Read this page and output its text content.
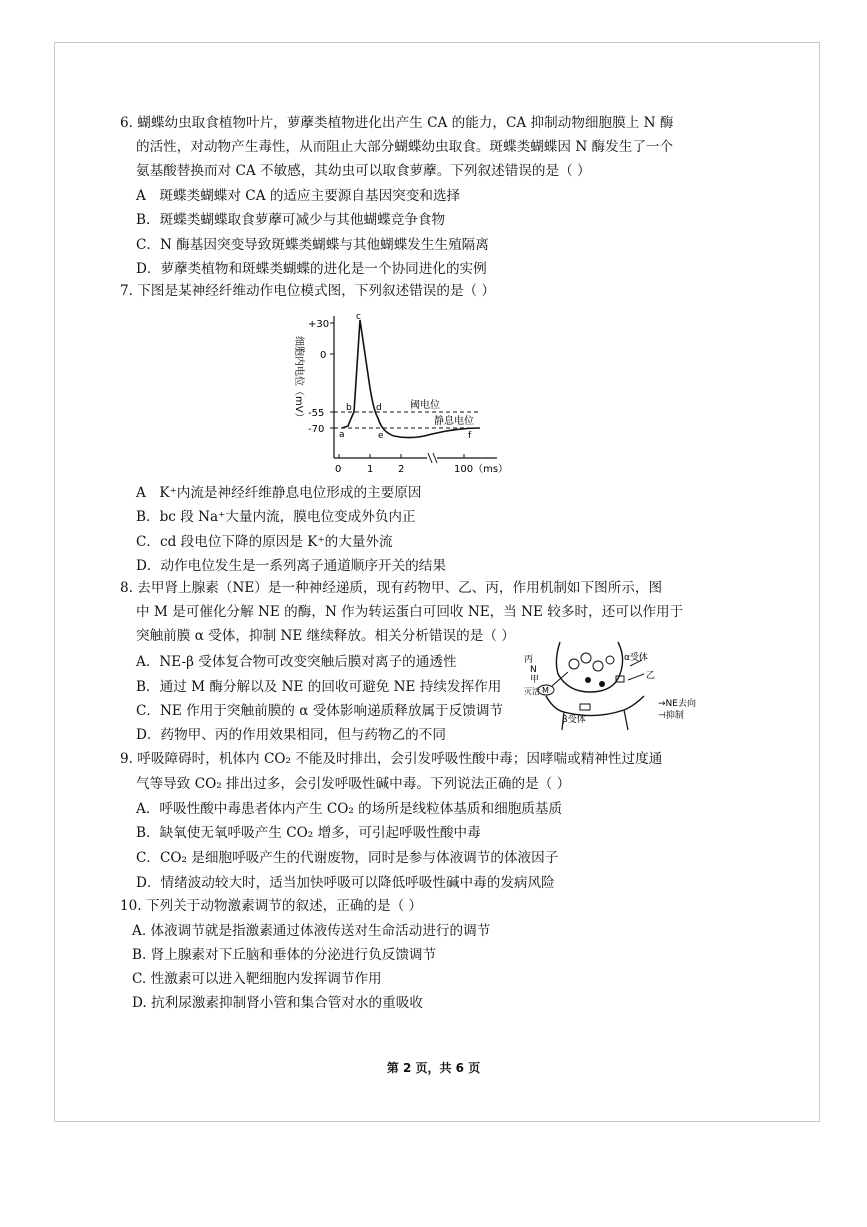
6. 蝴蝶幼虫取食植物叶片，萝藦类植物进化出产生 CA 的能力，CA 抑制动物细胞膜上 N 酶
的活性，对动物产生毒性，从而阻止大部分蝴蝶幼虫取食。斑蝶类蝴蝶因 N 酶发生了一个
氨基酸替换而对 CA 不敏感，其幼虫可以取食萝藦。下列叙述错误的是（ ）
A　斑蝶类蝴蝶对 CA 的适应主要源自基因突变和选择
B．斑蝶类蝴蝶取食萝藦可减少与其他蝴蝶竞争食物
C．N 酶基因突变导致斑蝶类蝴蝶与其他蝴蝶发生生殖隔离
D．萝藦类植物和斑蝶类蝴蝶的进化是一个协同进化的实例
7. 下图是某神经纤维动作电位模式图，下列叙述错误的是（ ）
+30
0
-55
-70
细胞内电位（mV）
0	1 2	100（ms）
阈电位
静息电位
a
b
c
d
e	f
A　K⁺内流是神经纤维静息电位形成的主要原因
B．bc 段 Na⁺大量内流，膜电位变成外负内正
C．cd 段电位下降的原因是 K⁺的大量外流
D．动作电位发生是一系列离子通道顺序开关的结果
8. 去甲肾上腺素（NE）是一种神经递质，现有药物甲、乙、丙，作用机制如下图所示，图
中 M 是可催化分解 NE 的酶，N 作为转运蛋白可回收 NE，当 NE 较多时，还可以作用于
突触前膜 α 受体，抑制 NE 继续释放。相关分析错误的是（ ）
A．NE-β 受体复合物可改变突触后膜对离子的通透性
B．通过 M 酶分解以及 NE 的回收可避免 NE 持续发挥作用
C．NE 作用于突触前膜的 α 受体影响递质释放属于反馈调节
D．药物甲、丙的作用效果相同，但与药物乙的不同
丙
N
甲
灭活 M
α受体
乙
β受体
→NE去向
⊣抑制
9. 呼吸障碍时，机体内 CO₂ 不能及时排出，会引发呼吸性酸中毒；因哮喘或精神性过度通
气等导致 CO₂ 排出过多，会引发呼吸性碱中毒。下列说法正确的是（ ）
A．呼吸性酸中毒患者体内产生 CO₂ 的场所是线粒体基质和细胞质基质
B．缺氧使无氧呼吸产生 CO₂ 增多，可引起呼吸性酸中毒
C．CO₂ 是细胞呼吸产生的代谢废物，同时是参与体液调节的体液因子
D．情绪波动较大时，适当加快呼吸可以降低呼吸性碱中毒的发病风险
10. 下列关于动物激素调节的叙述，正确的是（ ）
A. 体液调节就是指激素通过体液传送对生命活动进行的调节
B. 肾上腺素对下丘脑和垂体的分泌进行负反馈调节
C. 性激素可以进入靶细胞内发挥调节作用
D. 抗利尿激素抑制肾小管和集合管对水的重吸收
第 2 页，共 6 页
